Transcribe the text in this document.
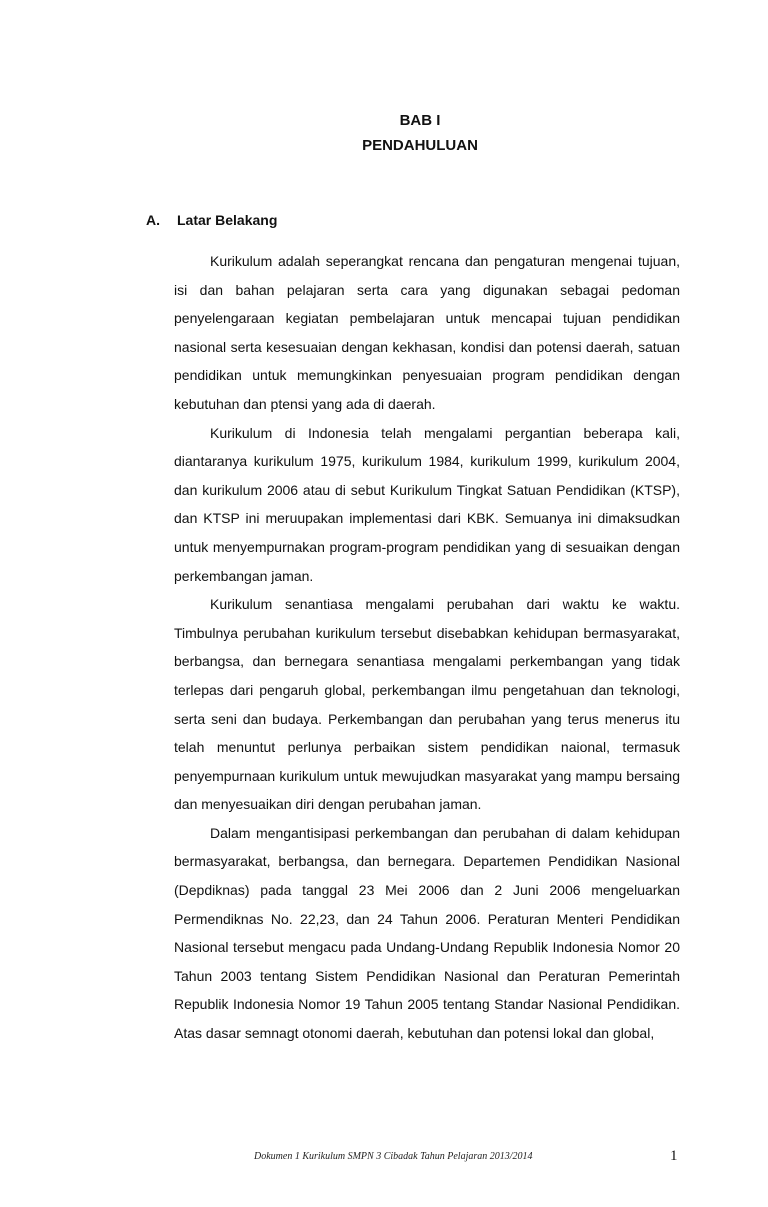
BAB I
PENDAHULUAN
A. Latar Belakang

Kurikulum adalah seperangkat rencana dan pengaturan mengenai tujuan, isi dan bahan pelajaran serta cara yang digunakan sebagai pedoman penyelengaraan kegiatan pembelajaran untuk mencapai tujuan pendidikan nasional serta kesesuaian dengan kekhasan, kondisi dan potensi daerah, satuan pendidikan untuk memungkinkan penyesuaian program pendidikan dengan kebutuhan dan ptensi yang ada di daerah.

Kurikulum di Indonesia telah mengalami pergantian beberapa kali, diantaranya kurikulum 1975, kurikulum 1984, kurikulum 1999, kurikulum 2004, dan kurikulum 2006 atau di sebut Kurikulum Tingkat Satuan Pendidikan (KTSP), dan KTSP ini meruupakan implementasi dari KBK. Semuanya ini dimaksudkan untuk menyempurnakan program-program pendidikan yang di sesuaikan dengan perkembangan jaman.

Kurikulum senantiasa mengalami perubahan dari waktu ke waktu. Timbulnya perubahan kurikulum tersebut disebabkan kehidupan bermasyarakat, berbangsa, dan bernegara senantiasa mengalami perkembangan yang tidak terlepas dari pengaruh global, perkembangan ilmu pengetahuan dan teknologi, serta seni dan budaya. Perkembangan dan perubahan yang terus menerus itu telah menuntut perlunya perbaikan sistem pendidikan naional, termasuk penyempurnaan kurikulum untuk mewujudkan masyarakat yang mampu bersaing dan menyesuaikan diri dengan perubahan jaman.

Dalam mengantisipasi perkembangan dan perubahan di dalam kehidupan bermasyarakat, berbangsa, dan bernegara. Departemen Pendidikan Nasional (Depdiknas) pada tanggal 23 Mei 2006 dan 2 Juni 2006 mengeluarkan Permendiknas No. 22,23, dan 24 Tahun 2006. Peraturan Menteri Pendidikan Nasional tersebut mengacu pada Undang-Undang Republik Indonesia Nomor 20 Tahun 2003 tentang Sistem Pendidikan Nasional dan Peraturan Pemerintah Republik Indonesia Nomor 19 Tahun 2005 tentang Standar Nasional Pendidikan. Atas dasar semnagt otonomi daerah, kebutuhan dan potensi lokal dan global,

Dokumen 1 Kurikulum SMPN 3 Cibadak Tahun Pelajaran 2013/2014	1
